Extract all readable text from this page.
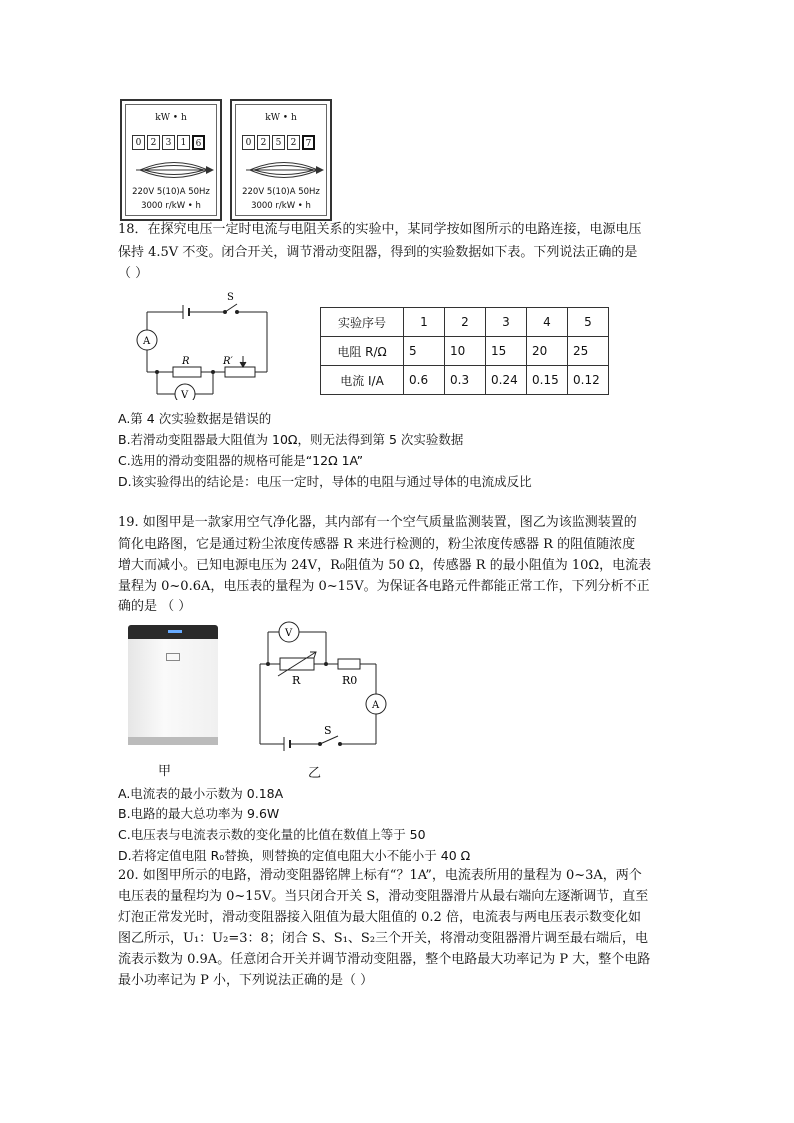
kW • h
0	2	3	1	6
220V 5(10)A 50Hz
3000 r/kW • h
kW • h
0	2	5	2	7
220V 5(10)A 50Hz
3000 r/kW • h
18．在探究电压一定时电流与电阻关系的实验中，某同学按如图所示的电路连接，电源电压
保持 4.5V 不变。闭合开关，调节滑动变阻器，得到的实验数据如下表。下列说法正确的是
（ ）
S
A
V
R	R′
实验序号	1	2	3	4	5
电阻 R/Ω	5	10	15	20	25
电流 I/A	0.6	0.3	0.24	0.15	0.12
A.第 4 次实验数据是错误的
B.若滑动变阻器最大阻值为 10Ω，则无法得到第 5 次实验数据
C.选用的滑动变阻器的规格可能是“12Ω 1A”
D.该实验得出的结论是：电压一定时，导体的电阻与通过导体的电流成反比
19. 如图甲是一款家用空气净化器，其内部有一个空气质量监测装置，图乙为该监测装置的
简化电路图，它是通过粉尘浓度传感器 R 来进行检测的，粉尘浓度传感器 R 的阻值随浓度
增大而减小。已知电源电压为 24V，R₀阻值为 50 Ω，传感器 R 的最小阻值为 10Ω，电流表
量程为 0~0.6A，电压表的量程为 0~15V。为保证各电路元件都能正常工作，下列分析不正
确的是 （ ）
甲
V
R	R0
A
S
乙
A.电流表的最小示数为 0.18A
B.电路的最大总功率为 9.6W
C.电压表与电流表示数的变化量的比值在数值上等于 50
D.若将定值电阻 R₀替换，则替换的定值电阻大小不能小于 40 Ω
20. 如图甲所示的电路，滑动变阻器铭牌上标有“？1A”，电流表所用的量程为 0~3A，两个
电压表的量程均为 0~15V。当只闭合开关 S，滑动变阻器滑片从最右端向左逐渐调节，直至
灯泡正常发光时，滑动变阻器接入阻值为最大阻值的 0.2 倍，电流表与两电压表示数变化如
图乙所示，U₁：U₂=3：8；闭合 S、S₁、S₂三个开关，将滑动变阻器滑片调至最右端后，电
流表示数为 0.9A。任意闭合开关并调节滑动变阻器，整个电路最大功率记为 P 大，整个电路
最小功率记为 P 小，下列说法正确的是（ ）
